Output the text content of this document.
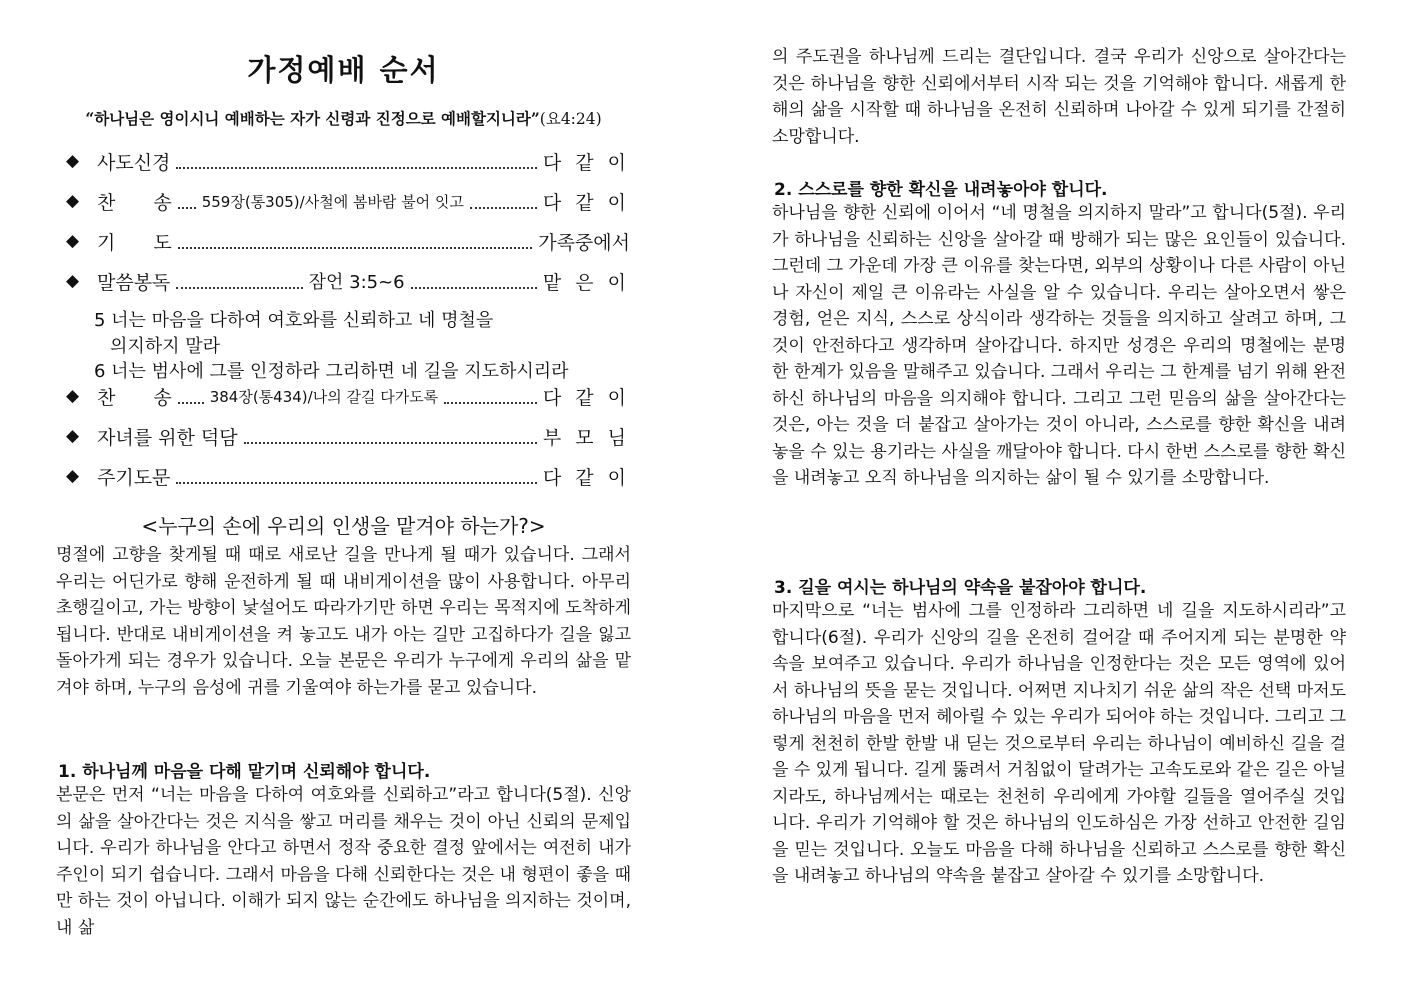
가정예배 순서
“하나님은 영이시니 예배하는 자가 신령과 진정으로 예배할지니라”(요4:24)
◆ 사도신경	다 같 이
◆ 찬　　송 559장(통305)/사철에 봄바람 불어 잇고	다 같 이
◆ 기　　도	가족중에서
◆ 말씀봉독	잠언 3:5~6	맡 은 이
5 너는 마음을 다하여 여호와를 신뢰하고 네 명철을
의지하지 말라
6 너는 범사에 그를 인정하라 그리하면 네 길을 지도하시리라
◆ 찬　　송	384장(통434)/나의 갈길 다가도록	다 같 이
◆ 자녀를 위한 덕담	부 모 님
◆ 주기도문	다 같 이
<누구의 손에 우리의 인생을 맡겨야 하는가?>

명절에 고향을 찾게될 때 때로 새로난 길을 만나게 될 때가 있습니다. 그래서 우리는 어딘가로 향해 운전하게 될 때 내비게이션을 많이 사용합니다. 아무리 초행길이고, 가는 방향이 낯설어도 따라가기만 하면 우리는 목적지에 도착하게 됩니다. 반대로 내비게이션을 켜 놓고도 내가 아는 길만 고집하다가 길을 잃고 돌아가게 되는 경우가 있습니다. 오늘 본문은 우리가 누구에게 우리의 삶을 맡겨야 하며, 누구의 음성에 귀를 기울여야 하는가를 묻고 있습니다.

1. 하나님께 마음을 다해 맡기며 신뢰해야 합니다.

본문은 먼저 “너는 마음을 다하여 여호와를 신뢰하고”라고 합니다(5절). 신앙의 삶을 살아간다는 것은 지식을 쌓고 머리를 채우는 것이 아닌 신뢰의 문제입니다. 우리가 하나님을 안다고 하면서 정작 중요한 결정 앞에서는 여전히 내가 주인이 되기 쉽습니다. 그래서 마음을 다해 신뢰한다는 것은 내 형편이 좋을 때만 하는 것이 아닙니다. 이해가 되지 않는 순간에도 하나님을 의지하는 것이며, 내 삶

의 주도권을 하나님께 드리는 결단입니다. 결국 우리가 신앙으로 살아간다는 것은 하나님을 향한 신뢰에서부터 시작 되는 것을 기억해야 합니다. 새롭게 한해의 삶을 시작할 때 하나님을 온전히 신뢰하며 나아갈 수 있게 되기를 간절히 소망합니다.

2. 스스로를 향한 확신을 내려놓아야 합니다.

하나님을 향한 신뢰에 이어서 “네 명철을 의지하지 말라”고 합니다(5절). 우리가 하나님을 신뢰하는 신앙을 살아갈 때 방해가 되는 많은 요인들이 있습니다. 그런데 그 가운데 가장 큰 이유를 찾는다면, 외부의 상황이나 다른 사람이 아닌 나 자신이 제일 큰 이유라는 사실을 알 수 있습니다. 우리는 살아오면서 쌓은 경험, 얻은 지식, 스스로 상식이라 생각하는 것들을 의지하고 살려고 하며, 그것이 안전하다고 생각하며 살아갑니다. 하지만 성경은 우리의 명철에는 분명한 한계가 있음을 말해주고 있습니다. 그래서 우리는 그 한계를 넘기 위해 완전하신 하나님의 마음을 의지해야 합니다. 그리고 그런 믿음의 삶을 살아간다는 것은, 아는 것을 더 붙잡고 살아가는 것이 아니라, 스스로를 향한 확신을 내려놓을 수 있는 용기라는 사실을 깨달아야 합니다. 다시 한번 스스로를 향한 확신을 내려놓고 오직 하나님을 의지하는 삶이 될 수 있기를 소망합니다.

3. 길을 여시는 하나님의 약속을 붙잡아야 합니다.

마지막으로 “너는 범사에 그를 인정하라 그리하면 네 길을 지도하시리라”고 합니다(6절). 우리가 신앙의 길을 온전히 걸어갈 때 주어지게 되는 분명한 약속을 보여주고 있습니다. 우리가 하나님을 인정한다는 것은 모든 영역에 있어서 하나님의 뜻을 묻는 것입니다. 어쩌면 지나치기 쉬운 삶의 작은 선택 마저도 하나님의 마음을 먼저 헤아릴 수 있는 우리가 되어야 하는 것입니다. 그리고 그렇게 천천히 한발 한발 내 딛는 것으로부터 우리는 하나님이 예비하신 길을 걸을 수 있게 됩니다. 길게 뚫려서 거침없이 달려가는 고속도로와 같은 길은 아닐지라도, 하나님께서는 때로는 천천히 우리에게 가야할 길들을 열어주실 것입니다. 우리가 기억해야 할 것은 하나님의 인도하심은 가장 선하고 안전한 길임을 믿는 것입니다. 오늘도 마음을 다해 하나님을 신뢰하고 스스로를 향한 확신을 내려놓고 하나님의 약속을 붙잡고 살아갈 수 있기를 소망합니다.
